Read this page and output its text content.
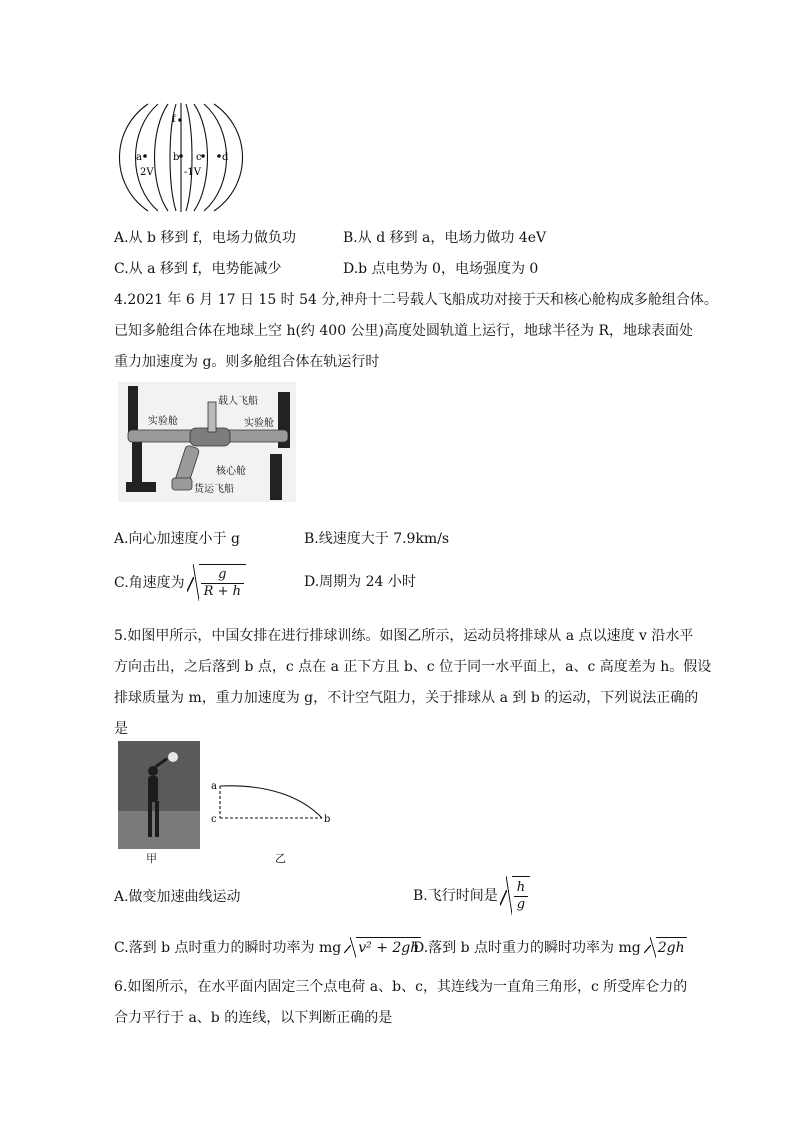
a
f
b c d
2V	-1V
A.从 b 移到 f，电场力做负功	B.从 d 移到 a，电场力做功 4eV
C.从 a 移到 f，电势能减少	D.b 点电势为 0，电场强度为 0
4.2021 年 6 月 17 日 15 时 54 分,神舟十二号载人飞船成功对接于天和核心舱构成多舱组合体。
已知多舱组合体在地球上空 h(约 400 公里)高度处圆轨道上运行，地球半径为 R，地球表面处
重力加速度为 g。则多舱组合体在轨运行时
实验舱
载人飞船
实验舱
核心舱
货运飞船
A.向心加速度小于 g	B.线速度大于 7.9km/s
C.角速度为 $\frac{g}{R + h}$	D.周期为 24 小时
5.如图甲所示，中国女排在进行排球训练。如图乙所示，运动员将排球从 a 点以速度 v 沿水平
方向击出，之后落到 b 点，c 点在 a 正下方且 b、c 位于同一水平面上，a、c 高度差为 h。假设
排球质量为 m，重力加速度为 g，不计空气阻力，关于排球从 a 到 b 的运动，下列说法正确的
是
甲
a
c	b
乙
A.做变加速曲线运动	B.飞行时间是 $\frac{h}{g}$
C.落到 b 点时重力的瞬时功率为 mg	v² + 2gh
D.落到 b 点时重力的瞬时功率为 mg	2gh
6.如图所示，在水平面内固定三个点电荷 a、b、c，其连线为一直角三角形，c 所受库仑力的
合力平行于 a、b 的连线，以下判断正确的是
